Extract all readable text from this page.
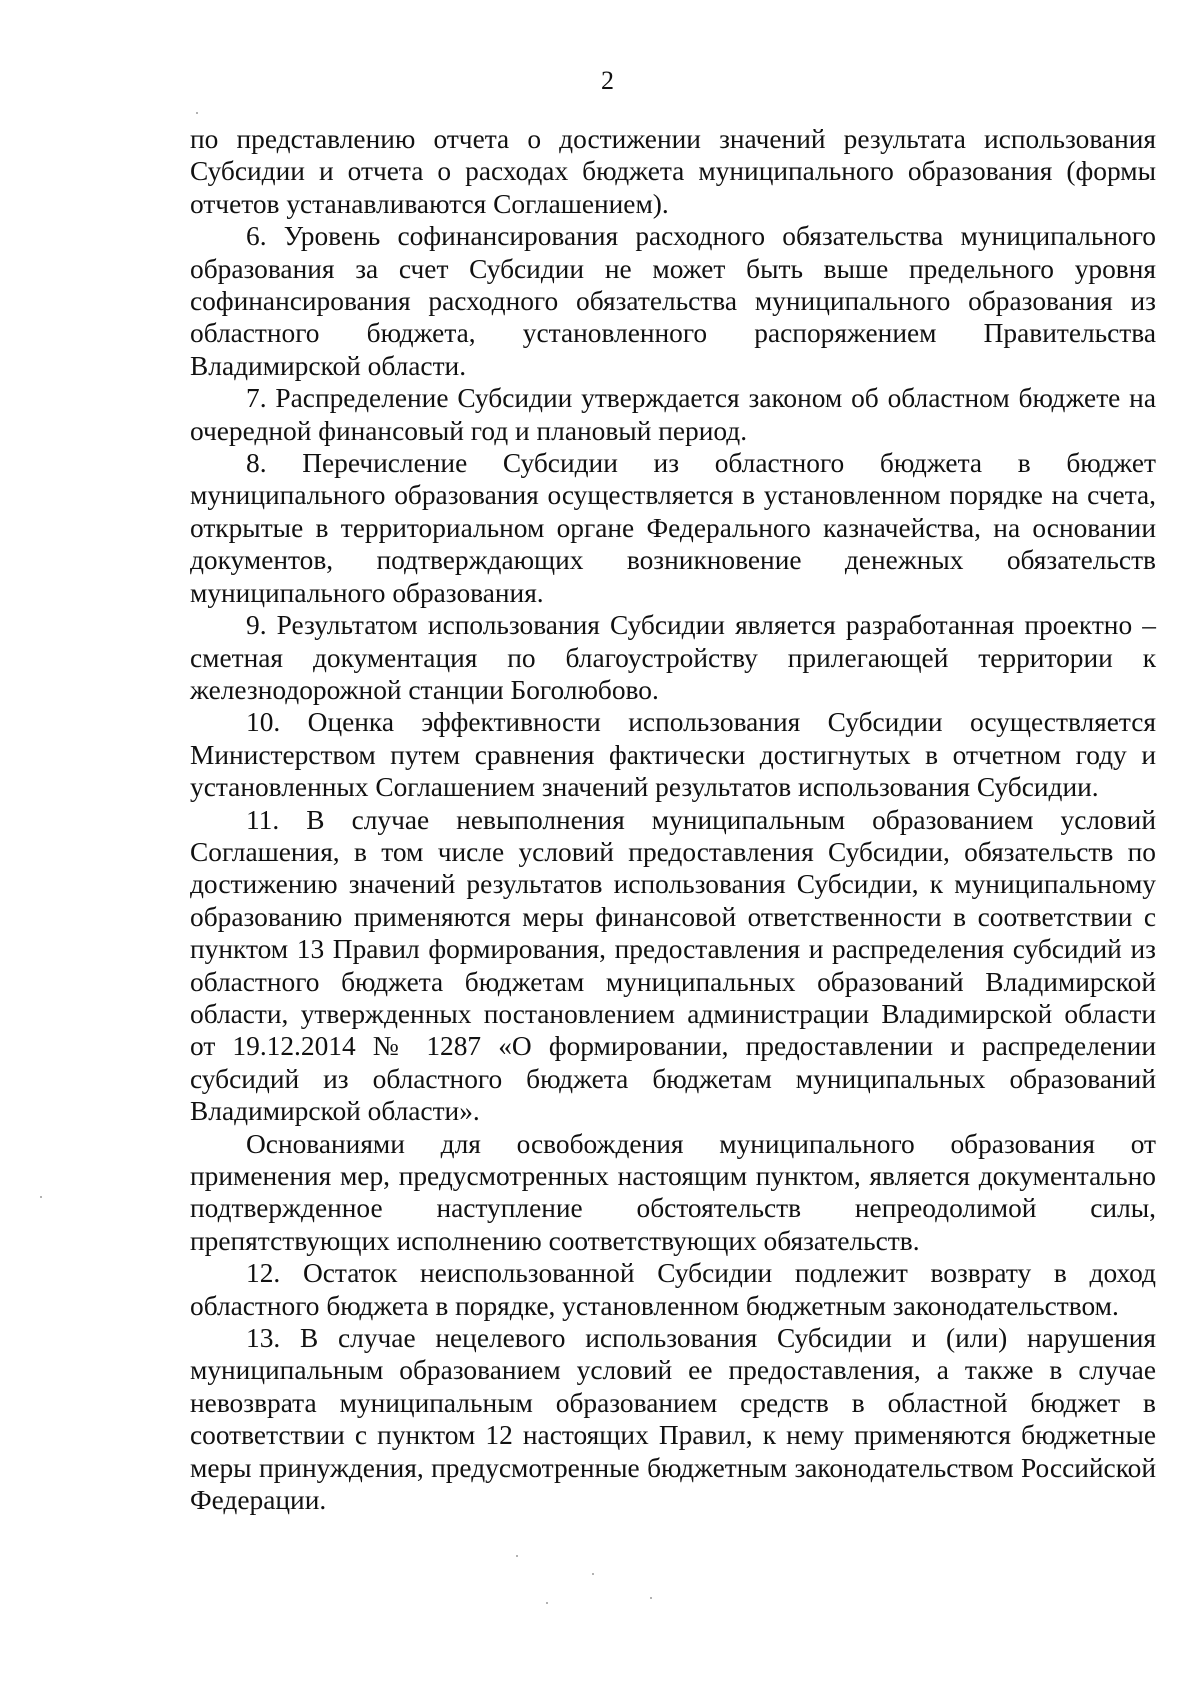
2

по представлению отчета о достижении значений результата использования Субсидии и отчета о расходах бюджета муниципального образования (формы отчетов устанавливаются Соглашением).

6. Уровень софинансирования расходного обязательства муниципального образования за счет Субсидии не может быть выше предельного уровня софинансирования расходного обязательства муниципального образования из областного бюджета, установленного распоряжением Правительства Владимирской области.

7. Распределение Субсидии утверждается законом об областном бюджете на очередной финансовый год и плановый период.

8. Перечисление Субсидии из областного бюджета в бюджет муниципального образования осуществляется в установленном порядке на счета, открытые в территориальном органе Федерального казначейства, на основании документов, подтверждающих возникновение денежных обязательств муниципального образования.

9. Результатом использования Субсидии является разработанная проектно – сметная документация по благоустройству прилегающей территории к железнодорожной станции Боголюбово.

10. Оценка эффективности использования Субсидии осуществляется Министерством путем сравнения фактически достигнутых в отчетном году и установленных Соглашением значений результатов использования Субсидии.

11. В случае невыполнения муниципальным образованием условий Соглашения, в том числе условий предоставления Субсидии, обязательств по достижению значений результатов использования Субсидии, к муниципальному образованию применяются меры финансовой ответственности в соответствии с пунктом 13 Правил формирования, предоставления и распределения субсидий из областного бюджета бюджетам муниципальных образований Владимирской области, утвержденных постановлением администрации Владимирской области от 19.12.2014 № 1287 «О формировании, предоставлении и распределении субсидий из областного бюджета бюджетам муниципальных образований Владимирской области».

Основаниями для освобождения муниципального образования от применения мер, предусмотренных настоящим пунктом, является документально подтвержденное наступление обстоятельств непреодолимой силы, препятствующих исполнению соответствующих обязательств.

12. Остаток неиспользованной Субсидии подлежит возврату в доход областного бюджета в порядке, установленном бюджетным законодательством.

13. В случае нецелевого использования Субсидии и (или) нарушения муниципальным образованием условий ее предоставления, а также в случае невозврата муниципальным образованием средств в областной бюджет в соответствии с пунктом 12 настоящих Правил, к нему применяются бюджетные меры принуждения, предусмотренные бюджетным законодательством Российской Федерации.
